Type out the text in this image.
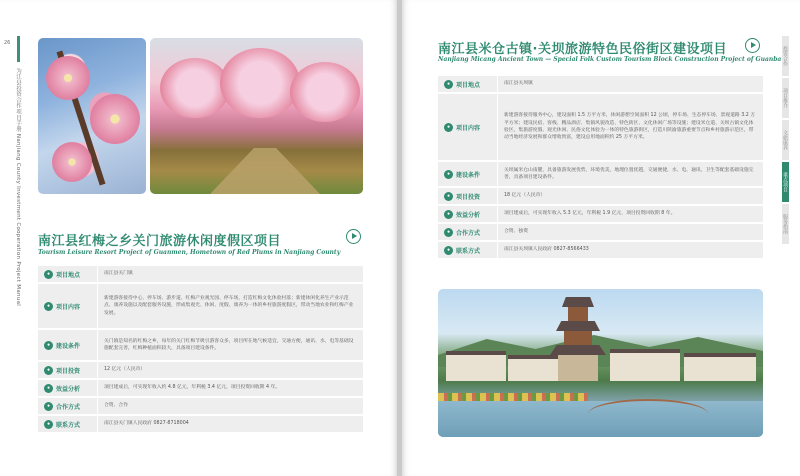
26
为江县投资合作项目手册 Nanjiang County Investment Cooperation Project Manual 南江县红梅之乡关门旅游休闲度假区项目
Tourism Leisure Resort Project of Guanmen, Hometown of Red Plums in Nanjiang County
• 项目地点	南江县关门镇
• 项目内容
新建游客接待中心、停车场、游步道、红梅产业观光园、停车场，打造红梅文化体验村落；新建休闲化养生产业示范点、康养设施以及配套服务设施，形成集观光、休闲、度假、康养为一体的乡村旅游度假区，带动当地农业和红梅产业发展。
• 建设条件
关门镇是知名的红梅之乡，每年的关门红梅节吸引游客众多，项目所在地气候适宜，交通方便，通讯、水、电等基础设施配套完善，红梅种植面积较大，具备项目建设条件。
• 项目投资	12 亿元（人民币）
• 效益分析	项目建成后，可实现年收入约 4.8 亿元，年利税 3.4 亿元，项目投资回收期 4 年。
• 合作方式	合资、合作
• 联系方式	南江县关门镇人民政府 0827-8718004
投资合作
项目推介
文旅康养
重点项目
服务指南
南江县米仓古镇·关坝旅游特色民俗街区建设项目
Nanjiang Micang Ancient Town — Special Folk Custom Tourism Block Construction Project of Guanba
• 项目地点	南江县关坝镇
• 项目内容
新建游客接待服务中心，建设面积 1.5 万平方米，休闲游憩空间面积 12 公顷，停车场、生态停车场、景观道路 3.2 万平方米；建设民宿、客栈、精品酒店、集镇风貌改造、特色街区、文化休闲广场等设施；建设米仓道、关坝古镇文化体验区，集旅游度假、观光休闲、民俗文化体验为一体的特色旅游街区，打造川陕渝旅游重要节点和乡村旅游示范区，带动当地经济发展和群众增收致富，建设总用地面积约 25 万平方米。
• 建设条件
关坝属米仓山南麓，具备旅游发展优势，环境优美，地理位置优越，交通便捷，水、电、通讯、卫生等配套基础设施完善，具备项目建设条件。
• 项目投资	18 亿元（人民币）
• 效益分析	项目建成后，可实现年收入 5.3 亿元，年利税 1.9 亿元，项目投资回收期 8 年。
• 合作方式	合资、独资
• 联系方式	南江县关坝镇人民政府 0827-8566433
